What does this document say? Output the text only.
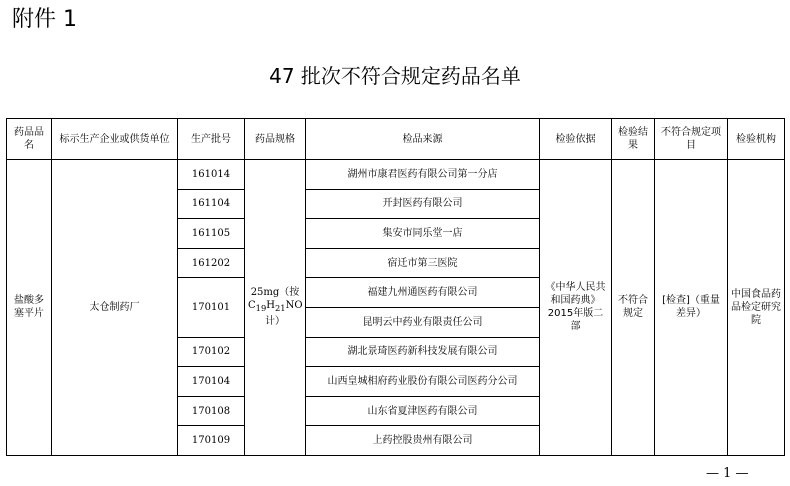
附件 1
47 批次不符合规定药品名单
药品品名	标示生产企业或供货单位	生产批号	药品规格	检品来源	检验依据	检验结果	不符合规定项目	检验机构
盐酸多塞平片	太仓制药厂	161014	25mg（按$C_{19}H_{21}NO$计）	湖州市康君医药有限公司第一分店	《中华人民共和国药典》2015年版二部	不符合规定	[检查]（重量差异）	中国食品药品检定研究院
		161104		开封医药有限公司				
		161105		集安市同乐堂一店				
		161202		宿迁市第三医院				
		170101		福建九州通医药有限公司				
				昆明云中药业有限责任公司				
		170102		湖北景琦医药新科技发展有限公司				
		170104		山西皇城相府药业股份有限公司医药分公司				
		170108		山东省夏津医药有限公司				
		170109		上药控股贵州有限公司				
— 1 —
